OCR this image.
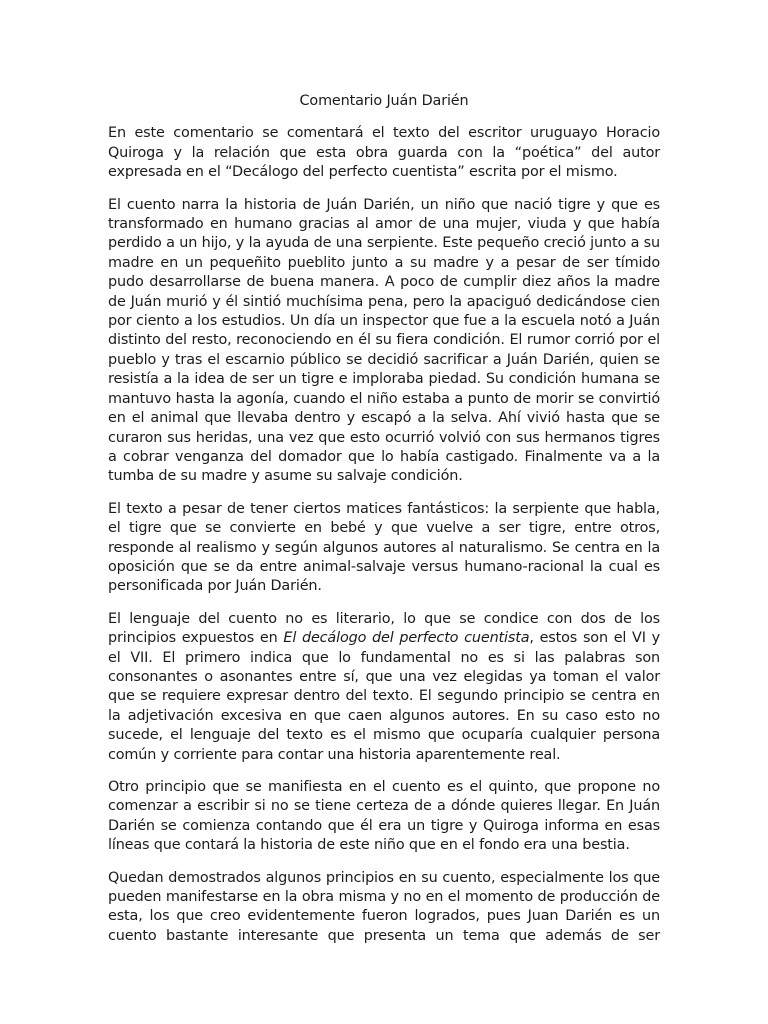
Comentario Juán Darién

En este comentario se comentará el texto del escritor uruguayo Horacio Quiroga y la relación que esta obra guarda con la “poética” del autor expresada en el “Decálogo del perfecto cuentista” escrita por el mismo.

El cuento narra la historia de Juán Darién, un niño que nació tigre y que es transformado en humano gracias al amor de una mujer, viuda y que había perdido a un hijo, y la ayuda de una serpiente. Este pequeño creció junto a su madre en un pequeñito pueblito junto a su madre y a pesar de ser tímido pudo desarrollarse de buena manera. A poco de cumplir diez años la madre de Juán murió y él sintió muchísima pena, pero la apaciguó dedicándose cien por ciento a los estudios. Un día un inspector que fue a la escuela notó a Juán distinto del resto, reconociendo en él su fiera condición. El rumor corrió por el pueblo y tras el escarnio público se decidió sacrificar a Juán Darién, quien se resistía a la idea de ser un tigre e imploraba piedad. Su condición humana se mantuvo hasta la agonía, cuando el niño estaba a punto de morir se convirtió en el animal que llevaba dentro y escapó a la selva. Ahí vivió hasta que se curaron sus heridas, una vez que esto ocurrió volvió con sus hermanos tigres a cobrar venganza del domador que lo había castigado. Finalmente va a la tumba de su madre y asume su salvaje condición.

El texto a pesar de tener ciertos matices fantásticos: la serpiente que habla, el tigre que se convierte en bebé y que vuelve a ser tigre, entre otros, responde al realismo y según algunos autores al naturalismo. Se centra en la oposición que se da entre animal-salvaje versus humano-racional la cual es personificada por Juán Darién.

El lenguaje del cuento no es literario, lo que se condice con dos de los principios expuestos en El decálogo del perfecto cuentista, estos son el VI y el VII. El primero indica que lo fundamental no es si las palabras son consonantes o asonantes entre sí, que una vez elegidas ya toman el valor que se requiere expresar dentro del texto. El segundo principio se centra en la adjetivación excesiva en que caen algunos autores. En su caso esto no sucede, el lenguaje del texto es el mismo que ocuparía cualquier persona común y corriente para contar una historia aparentemente real.

Otro principio que se manifiesta en el cuento es el quinto, que propone no comenzar a escribir si no se tiene certeza de a dónde quieres llegar. En Juán Darién se comienza contando que él era un tigre y Quiroga informa en esas líneas que contará la historia de este niño que en el fondo era una bestia.

Quedan demostrados algunos principios en su cuento, especialmente los que pueden manifestarse en la obra misma y no en el momento de producción de esta, los que creo evidentemente fueron logrados, pues Juan Darién es un cuento bastante interesante que presenta un tema que además de ser
